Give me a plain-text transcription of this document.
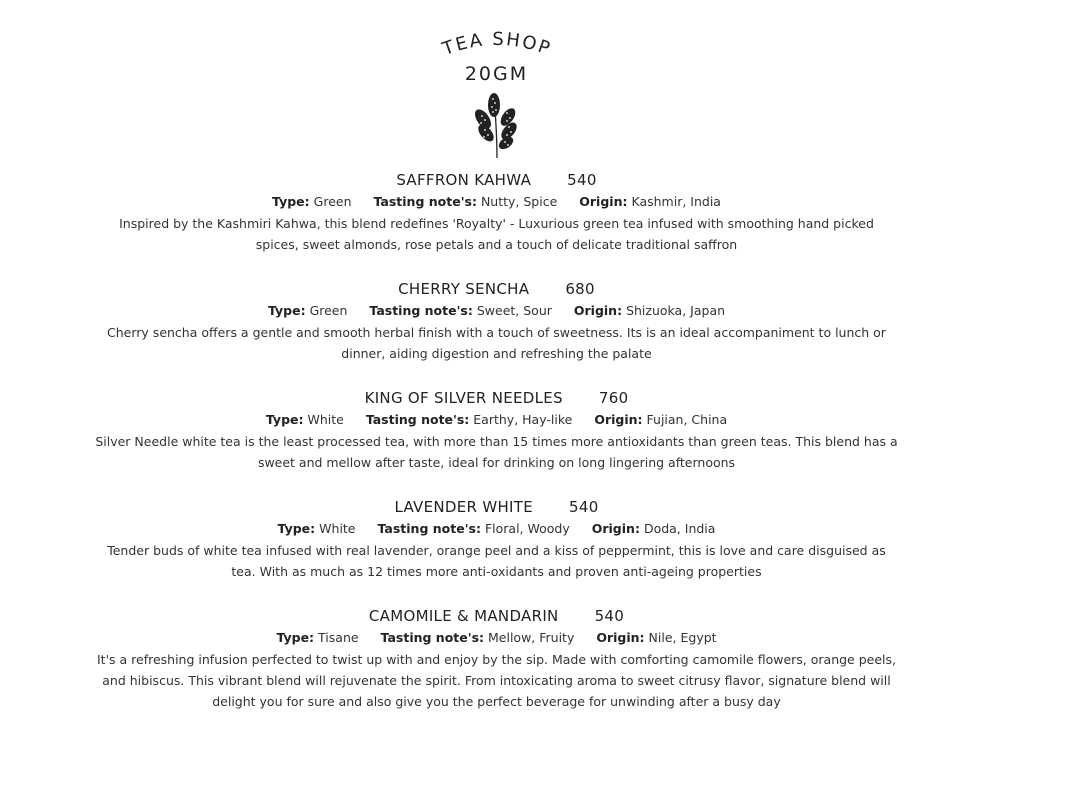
TEA SHOP
20GM
SAFFRON KAHWA 540
Type: Green Tasting note's: Nutty, Spice Origin: Kashmir, India
Inspired by the Kashmiri Kahwa, this blend redefines 'Royalty' - Luxurious green tea infused with smoothing hand picked
spices, sweet almonds, rose petals and a touch of delicate traditional saffron
CHERRY SENCHA 680
Type: Green Tasting note's: Sweet, Sour Origin: Shizuoka, Japan
Cherry sencha offers a gentle and smooth herbal finish with a touch of sweetness. Its is an ideal accompaniment to lunch or
dinner, aiding digestion and refreshing the palate
KING OF SILVER NEEDLES 760
Type: White Tasting note's: Earthy, Hay-like Origin: Fujian, China
Silver Needle white tea is the least processed tea, with more than 15 times more antioxidants than green teas. This blend has a
sweet and mellow after taste, ideal for drinking on long lingering afternoons
LAVENDER WHITE 540
Type: White Tasting note's: Floral, Woody Origin: Doda, India
Tender buds of white tea infused with real lavender, orange peel and a kiss of peppermint, this is love and care disguised as
tea. With as much as 12 times more anti-oxidants and proven anti-ageing properties
CAMOMILE & MANDARIN 540
Type: Tisane Tasting note's: Mellow, Fruity Origin: Nile, Egypt
It's a refreshing infusion perfected to twist up with and enjoy by the sip. Made with comforting camomile flowers, orange peels,
and hibiscus. This vibrant blend will rejuvenate the spirit. From intoxicating aroma to sweet citrusy flavor, signature blend will
delight you for sure and also give you the perfect beverage for unwinding after a busy day
